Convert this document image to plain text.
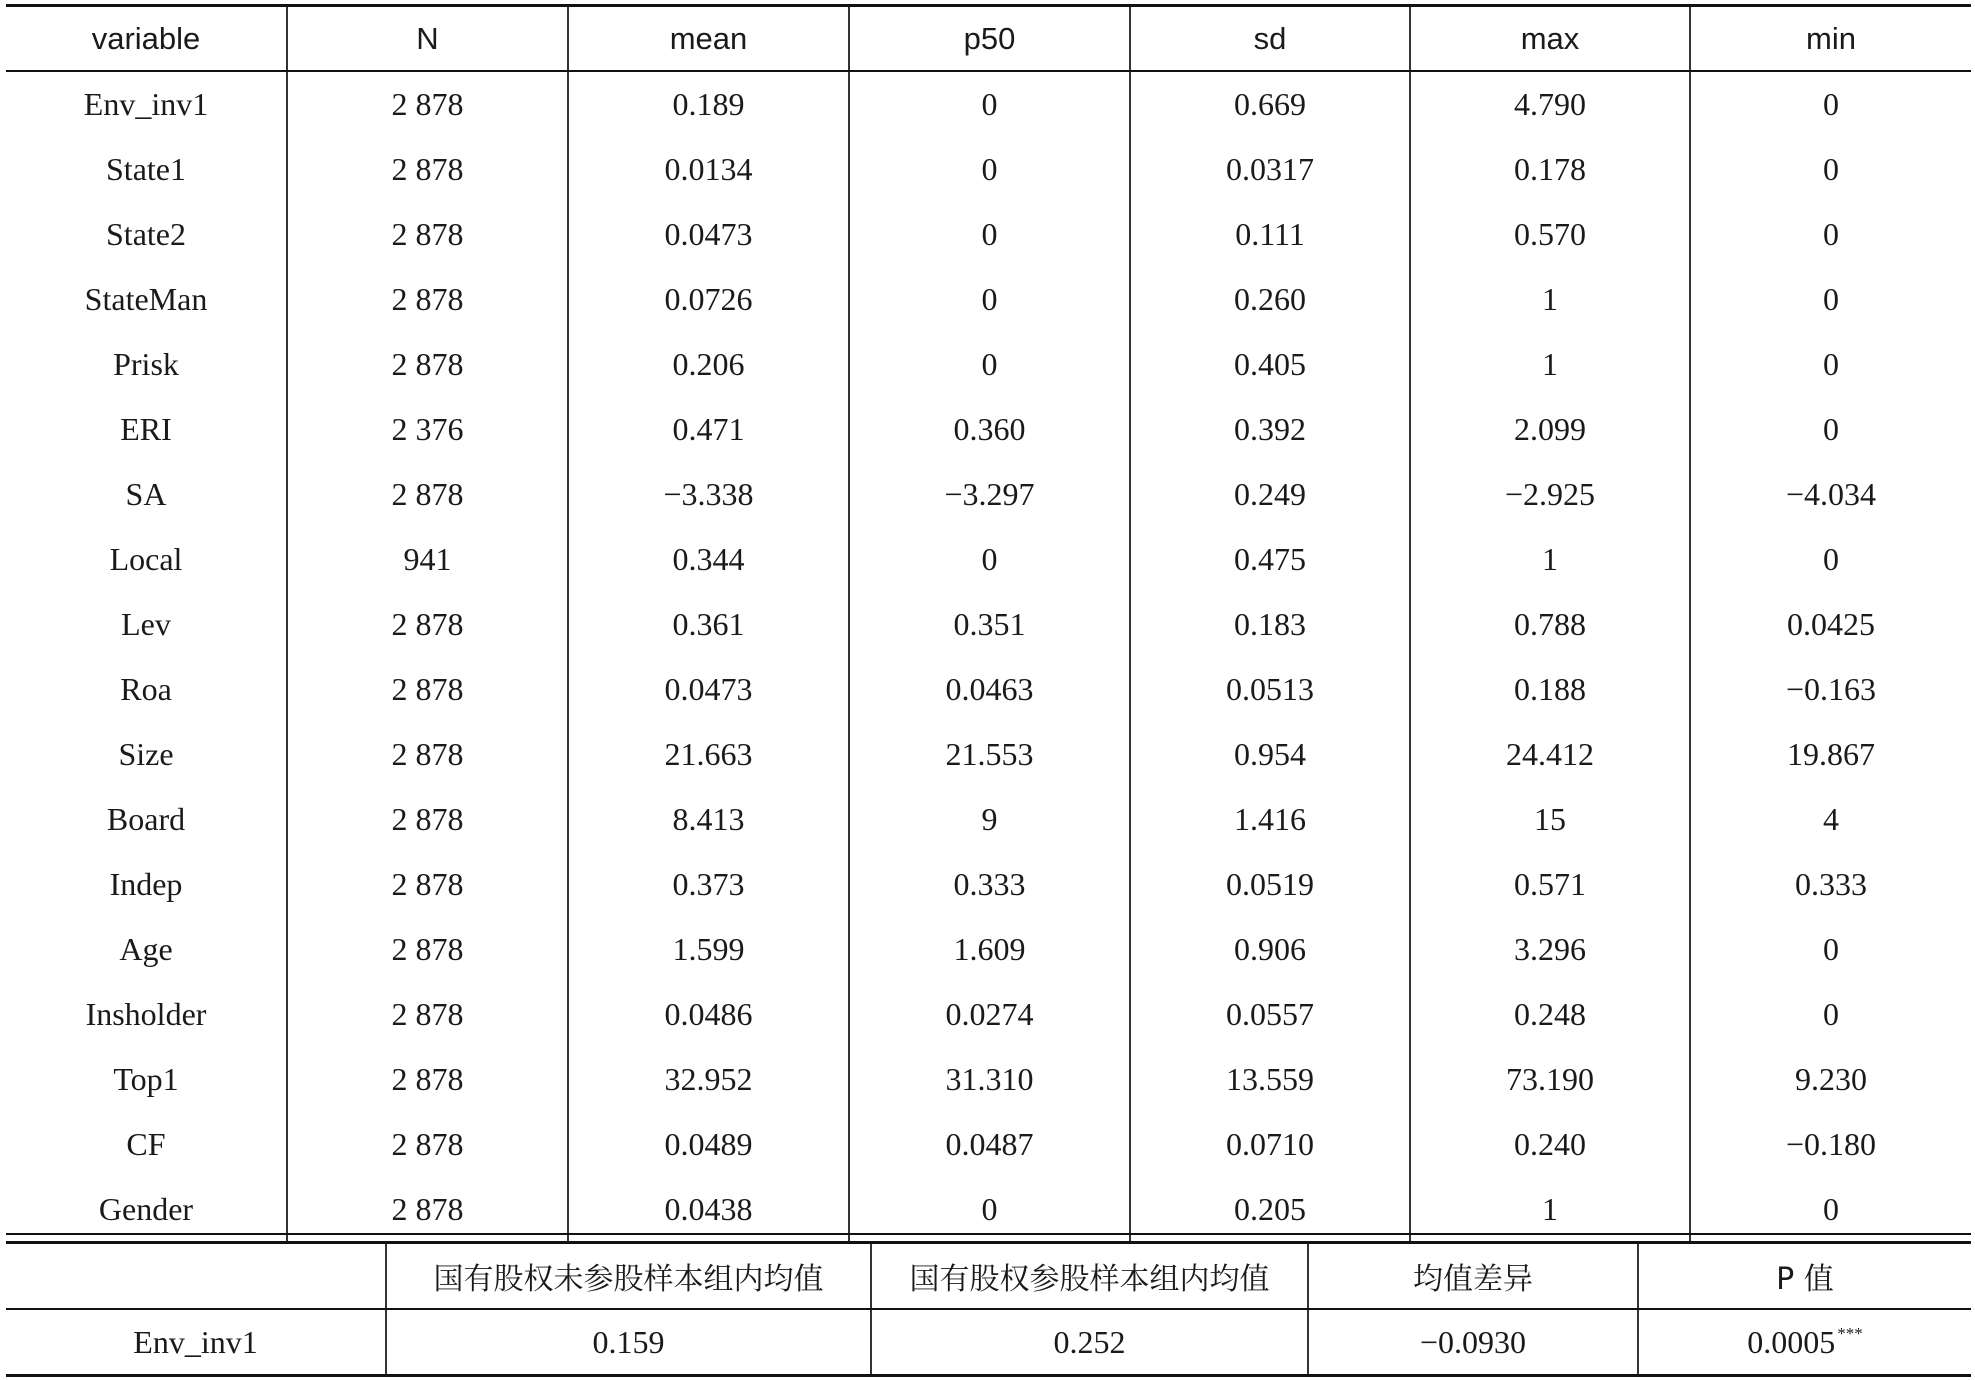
variable	N	mean	p50	sd	max	min
Env_inv1	2 878	0.189	0	0.669	4.790	0
State1	2 878	0.0134	0	0.0317	0.178	0
State2	2 878	0.0473	0	0.111	0.570	0
StateMan	2 878	0.0726	0	0.260	1	0
Prisk	2 878	0.206	0	0.405	1	0
ERI	2 376	0.471	0.360	0.392	2.099	0
SA	2 878	−3.338	−3.297	0.249	−2.925	−4.034
Local	941	0.344	0	0.475	1	0
Lev	2 878	0.361	0.351	0.183	0.788	0.0425
Roa	2 878	0.0473	0.0463	0.0513	0.188	−0.163
Size	2 878	21.663	21.553	0.954	24.412	19.867
Board	2 878	8.413	9	1.416	15	4
Indep	2 878	0.373	0.333	0.0519	0.571	0.333
Age	2 878	1.599	1.609	0.906	3.296	0
Insholder	2 878	0.0486	0.0274	0.0557	0.248	0
Top1	2 878	32.952	31.310	13.559	73.190	9.230
CF	2 878	0.0489	0.0487	0.0710	0.240	−0.180
Gender	2 878	0.0438	0	0.205	1	0
	国有股权未参股样本组内均值	国有股权参股样本组内均值	均值差异	P 值
Env_inv1	0.159	0.252	−0.0930	0.0005 ***
